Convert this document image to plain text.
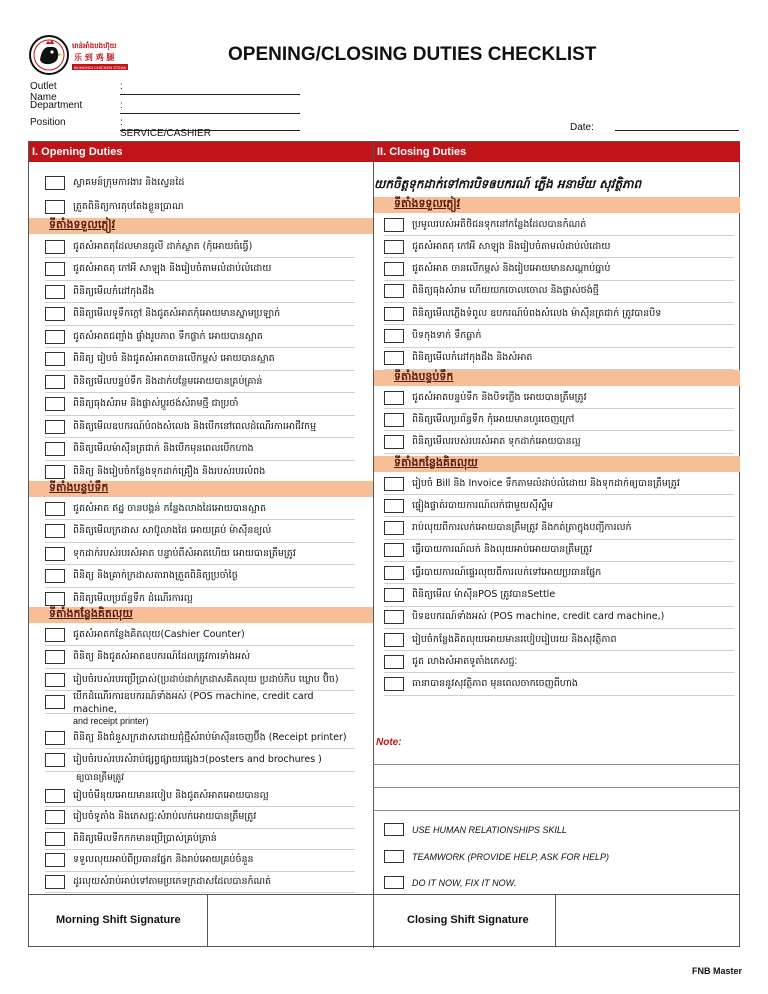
មាន់អាំងបងហ៊ុយ
乐 到 鸡 腿
BONGHOI CHICKEN STEAK
OPENING/CLOSING DUTIES CHECKLIST
Outlet Name
:
Department	:
Position	: SERVICE/CASHIER
Date:
I. Opening Duties	II. Closing Duties
ស្វាគមន៍ក្រុមការងារ និងស្ទេនដៃ
ត្រួតពិនិត្យការតុបតែងខ្លួនប្រាណ
ទីតាំងទទួលភ្ញៀវ
ជូតសំអាតតុដែលមានធូលី ដាក់ស្លាត (កុំអោយធំធ្វើ)
ជូតសំអាតតុ កៅអី សាឡុង និងរៀបចំតាមលំដាប់លំដោយ
ពិនិត្យមើលកំដៅកុងដឹង
ពិនិត្យមើលទូទឹកក្ដៅ និងជូតសំអាតកុំអោយមានស្នាមប្រឡាក់
ជូតសំអាតជញ្ជាំង ផ្ទាំងរូបភាព ទឹកផ្លាក់ អោយបានស្អាត
ពិនិត្យ រៀបចំ និងជូតសំអាតចានលើកម្ពស់ អោយបានស្អាត
ពិនិត្យមើលបន្ទប់ទឹក និងដាក់បន្ថែមអោយបានគ្រប់គ្រាន់
ពិនិត្យធុងសំរាម និងផ្លាស់ប្ដូរថង់សំរាមថ្មី ជាប្រចាំ
ពិនិត្យមើលឧបករណ៍បំពងសំលេង និងបើកនៅពេលដំណើរការអាជីវកម្ម
ពិនិត្យមើលម៉ាស៊ីនត្រជាក់ និងបើកមុនពេលបើកហាង
ពិនិត្យ និងរៀបចំកន្លែងទុកដាក់គ្រឿង និងរបស់របរលំពង
ទីតាំងបន្ទប់ទឹក
ជូតសំអាត ឥដ្ឋ ចានបង្គន់ កន្លែងលាងដៃអោយបានស្អាត
ពិនិត្យមើលក្រដាស សាប៊ូលាងដៃ អោយគ្រប់ ម៉ាស៊ីនខ្យល់
ទុកដាក់របស់របរសំអាត បន្ទាប់ពីសំអាតហើយ អោយបានត្រឹមត្រូវ
ពិនិត្យ និងគ្រាក់ក្រដាសតារាងត្រួតពិនិត្យប្រចាំថ្ងៃ
ពិនិត្យមើលប្រព័ន្ធទឹក ដំណើរការល្អ
ទីតាំងកន្លែងគិតលុយ
ជូតសំអាតកន្លែងគិតលុយ(Cashier Counter)
ពិនិត្យ និងជូតសំអាតឧបករណ៍ដែលត្រូវការទាំងអស់
រៀបចំរបស់របរប្រើប្រាស់(ប្រដាប់ដាក់ក្រដាសគិតលុយ ប្រដាប់កិប ឃ្លោប ប៊ិច)
បើកដំណើរការឧបករណ៍ទាំងអស់ (POS machine, credit card machine,
and receipt printer)
ពិនិត្យ និងជំនួសក្រដាសដោយជុំថ្មីសំរាប់ម៉ាស៊ីនចេញប៊ីង (Receipt printer)
រៀបចំរបស់របរសំរាប់ផ្សព្វផ្សាយផ្សេងៗ(posters and brochures )
ឲ្យបានត្រឹមត្រូវ
រៀបចំមីនុយអោយមានរបៀប និងជូតសំអាតអោយបានល្អ
រៀបចំទូតាំង និងភេសជ្ជៈសំរាប់លក់អោយបានត្រឹមត្រូវ
ពិនិត្យមើលទឹកកកមានប្រើប្រាស់គ្រប់គ្រាន់
ទទួលលុយអាប់ពីប្រធានផ្នែក និងរាប់អោយគ្រប់ចំនួន
ដូរលុយសំរាប់អាប់ទៅតាមប្រភេទក្រដាសដែលបានកំណត់
ទីតាំងទទួលភ្ញៀវ
ប្រមូលរបស់អតិថិជនទុកនៅកន្លែងដែលបានកំណត់
ជូតសំអាតតុ កៅអី សាឡុង និងរៀបចំតាមលំដាប់លំដោយ
ជូតសំអាត ចានលើកម្ពស់ និងរៀបអោយមានសណ្ដាប់ធ្នាប់
ពិនិត្យធុងសំរាម ហើយយកចោលចោល និងផ្លាស់ថង់ថ្មី
ពិនិត្យមើលភ្លើងទំពូល ឧបករណ៍បំពងសំលេង ម៉ាស៊ីនត្រជាក់ ត្រូវបានបិទ
បិទកុងទាក់ ទឹកធ្លាក់
ពិនិត្យមើលកំដៅកុងដឹង និងសំអាត
ទីតាំងបន្ទប់ទឹក
ជូតសំអាតបន្ទប់ទឹក និងបិទភ្លើង អោយបានត្រឹមត្រូវ
ពិនិត្យមើលប្រព័ន្ធទឹក កុំអោយមានហូរចេញក្រៅ
ពិនិត្យមើលរបស់របរសំអាត ទុកដាក់អោយបានល្អ
ទីតាំងកន្លែងគិតលុយ
រៀបចំ Bill និង Invoice ទឹកតាមលំដាប់លំដោយ និងទុកដាក់ឲ្យបានត្រឹមត្រូវ
ផ្ទៀងផ្ទាត់របាយការណ៍លក់ជាមួយស៊ីស្ទឹម
រាប់លុយពីការលក់អោយបានត្រឹមត្រូវ និងកត់ត្រាក្នុងបញ្ជីការលក់
ធ្វើរបាយការណ៍លក់ និងលុយអាប់អោយបានត្រឹមត្រូវ
ធ្វើរបាយការណ៍ផ្ទេរលុយពីការលក់ទៅអោយប្រធានផ្នែក
ពិនិត្យមើល ម៉ាស៊ីនPOS ត្រូវបានSettle
បិទឧបករណ៍ទាំងអស់ (POS machine, credit card machine,)
រៀបចំកន្លែងគិតលុយអោយមានរបៀបរៀបរយ និងសុវត្ថិភាព
ជូត លាងសំអាតទូតាំងភេសជ្ជៈ
ធានាបាននូវសុវត្ថិភាព មុនពេលចាកចេញពីហាង
យកចិត្តទុកដាក់ទៅការបិទឲបករណ៍ ភ្លើង អនាម័យ សុវត្ថិភាព
Note:
USE HUMAN RELATIONSHIPS SKILL
TEAMWORK (PROVIDE HELP, ASK FOR HELP)
DO IT NOW, FIX IT NOW.
Morning Shift Signature	Closing Shift Signature
FNB Master
